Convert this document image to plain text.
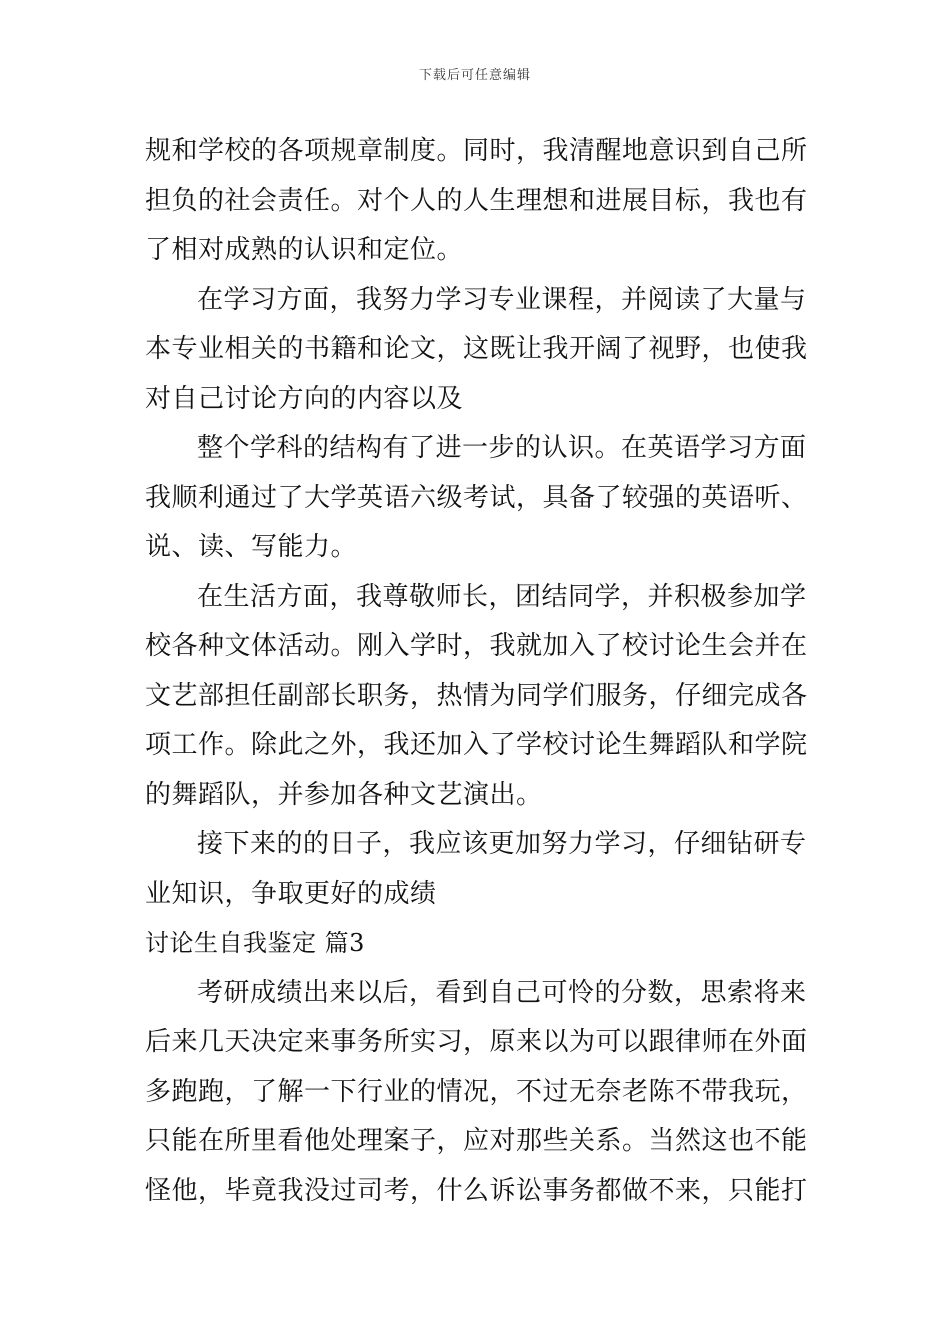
下载后可任意编辑
规和学校的各项规章制度。同时，我清醒地意识到自己所
担负的社会责任。对个人的人生理想和进展目标，我也有
了相对成熟的认识和定位。
在学习方面，我努力学习专业课程，并阅读了大量与
本专业相关的书籍和论文，这既让我开阔了视野，也使我
对自己讨论方向的内容以及
整个学科的结构有了进一步的认识。在英语学习方面
我顺利通过了大学英语六级考试，具备了较强的英语听、
说、读、写能力。
在生活方面，我尊敬师长，团结同学，并积极参加学
校各种文体活动。刚入学时，我就加入了校讨论生会并在
文艺部担任副部长职务，热情为同学们服务，仔细完成各
项工作。除此之外，我还加入了学校讨论生舞蹈队和学院
的舞蹈队，并参加各种文艺演出。
接下来的的日子，我应该更加努力学习，仔细钻研专
业知识，争取更好的成绩
讨论生自我鉴定 篇3
考研成绩出来以后，看到自己可怜的分数，思索将来
后来几天决定来事务所实习，原来以为可以跟律师在外面
多跑跑，了解一下行业的情况，不过无奈老陈不带我玩，
只能在所里看他处理案子，应对那些关系。当然这也不能
怪他，毕竟我没过司考，什么诉讼事务都做不来，只能打
